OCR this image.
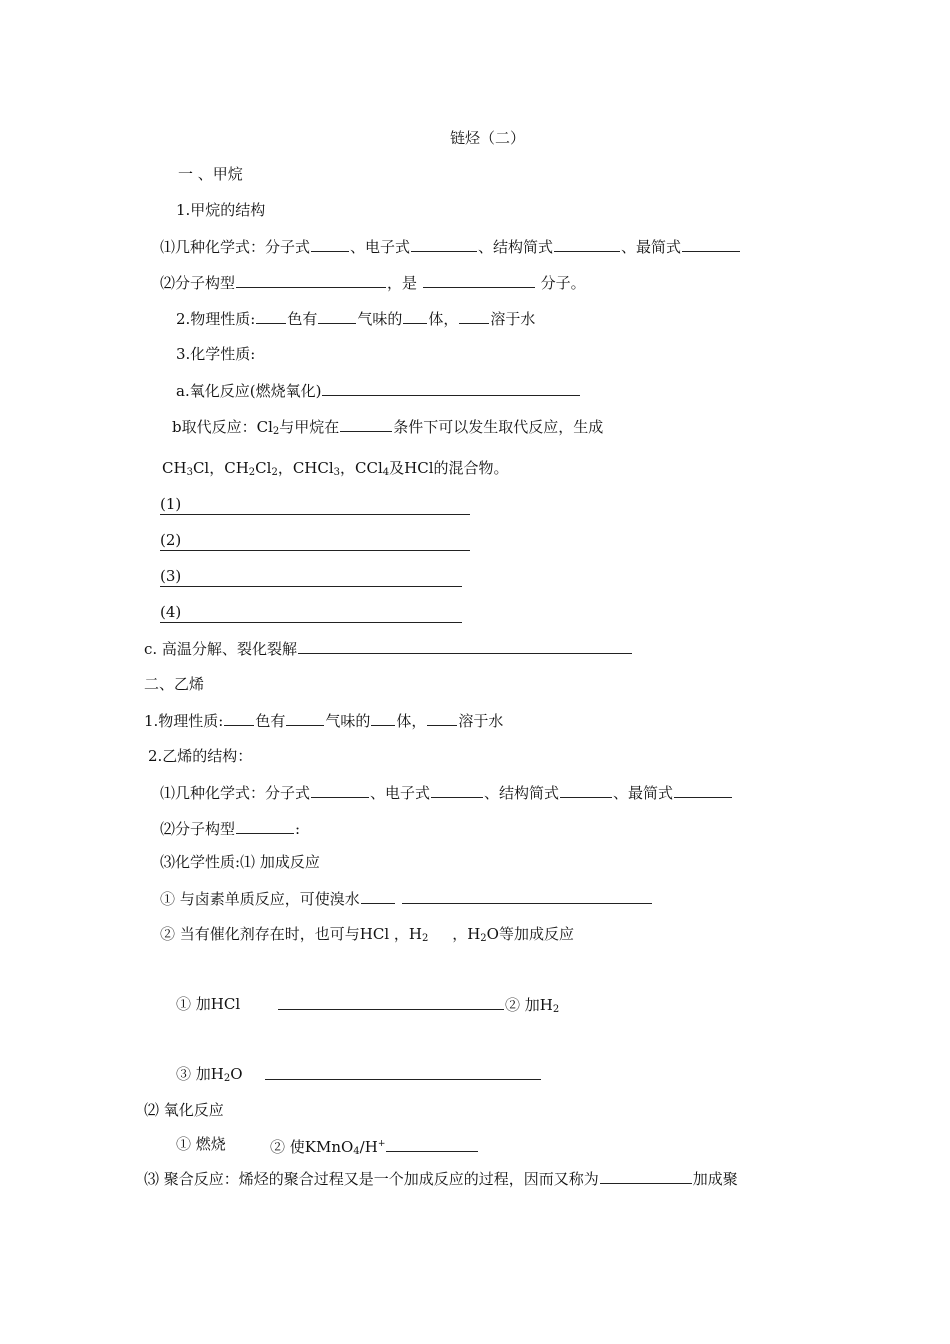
链烃（二）
一 、甲烷
1.甲烷的结构
⑴几种化学式：分子式	、电子式	、结构简式	、最简式
⑵分子构型	，是	分子。
2.物理性质: 色有	气味的 体， 溶于水
3.化学性质:
a.氧化反应(燃烧氧化)
b取代反应：$Cl_2$与甲烷在	条件下可以发生取代反应，生成
$CH_3Cl$，$CH_2Cl_2$，CHCl$_3$，CCl$_4$及HCl的混合物。
(1)
(2)
(3)
(4)
c. 高温分解、裂化裂解
二、乙烯
1.物理性质: 色有	气味的 体， 溶于水
2.乙烯的结构：
⑴几种化学式：分子式	、电子式	、结构简式	、最简式
⑵分子构型	:
⑶化学性质:⑴ 加成反应
① 与卤素单质反应，可使溴水
② 当有催化剂存在时，也可与HCl ，$H_2$ ，$H_2O$等加成反应
① 加HCl	② 加$H_2$
③ 加$H_2O$
⑵ 氧化反应
① 燃烧	② 使KMnO$_4$/H+
⑶ 聚合反应：烯烃的聚合过程又是一个加成反应的过程，因而又称为	加成聚
